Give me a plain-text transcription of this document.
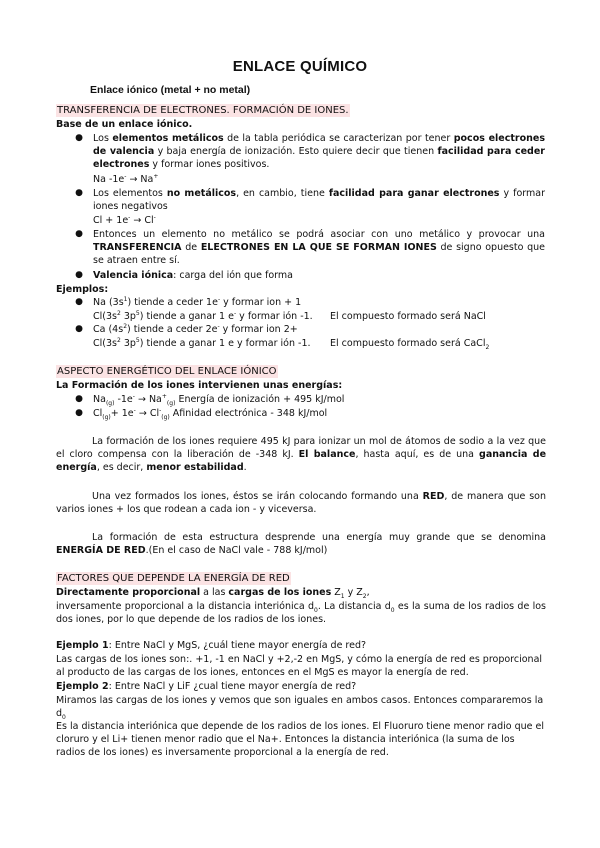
ENLACE QUÍMICO
Enlace iónico (metal + no metal)
TRANSFERENCIA DE ELECTRONES. FORMACIÓN DE IONES.
Base de un enlace iónico.
● Los elementos metálicos de la tabla periódica se caracterizan por tener pocos electrones de valencia y baja energía de ionización. Esto quiere decir que tienen facilidad para ceder electrones y formar iones positivos.
Na -1e- → Na+
● Los elementos no metálicos, en cambio, tiene facilidad para ganar electrones y formar iones negativos
Cl + 1e- → Cl-
● Entonces un elemento no metálico se podrá asociar con uno metálico y provocar una TRANSFERENCIA de ELECTRONES EN LA QUE SE FORMAN IONES de signo opuesto que se atraen entre sí.
● Valencia iónica: carga del ión que forma
Ejemplos:
● Na $(3s^1)$ tiende a ceder 1e- y formar ion + 1
$Cl(3s^2$ $3p^5$) tiende a ganar 1 e- y formar ión -1.	El compuesto formado será NaCl
● Ca $(4s^2)$ tiende a ceder 2e- y formar ion 2+
$Cl(3s^2$ $3p^5$) tiende a ganar 1 e y formar ión -1.	El compuesto formado será CaCl$_2$
ASPECTO ENERGÉTICO DEL ENLACE IÓNICO
La Formación de los iones intervienen unas energías:
● $Na_{(g)}$ $-1e^- \to Na^+_{(g)}$ Energía de ionización + 495 kJ/mol
● $Cl_{(g)}+ 1e^- \to Cl^-_{(g)}$ Afinidad electrónica - 348 kJ/mol
La formación de los iones requiere 495 kJ para ionizar un mol de átomos de sodio a la vez que el cloro compensa con la liberación de -348 kJ. El balance, hasta aquí, es de una ganancia de energía, es decir, menor estabilidad.
Una vez formados los iones, éstos se irán colocando formando una RED, de manera que son varios iones + los que rodean a cada ion - y viceversa.
La formación de esta estructura desprende una energía muy grande que se denomina ENERGÍA DE RED.(En el caso de NaCl vale - 788 kJ/mol)
FACTORES QUE DEPENDE LA ENERGÍA DE RED
Directamente proporcional a las cargas de los iones $Z_1$ y $Z_2$,
inversamente proporcional a la distancia interiónica $d_0$. La distancia $d_0$ es la suma de los radios de los dos iones, por lo que depende de los radios de los iones.
Ejemplo 1: Entre NaCl y MgS, ¿cuál tiene mayor energía de red?
Las cargas de los iones son:. +1, -1 en NaCl y +2,-2 en MgS, y cómo la energía de red es proporcional al producto de las cargas de los iones, entonces en el MgS es mayor la energía de red.
Ejemplo 2: Entre NaCl y LiF ¿cual tiene mayor energía de red?
Miramos las cargas de los iones y vemos que son iguales en ambos casos. Entonces compararemos la $d_0$
Es la distancia interiónica que depende de los radios de los iones. El Fluoruro tiene menor radio que el cloruro y el Li+ tienen menor radio que el Na+. Entonces la distancia interiónica (la suma de los radios de los iones) es inversamente proporcional a la energía de red.
